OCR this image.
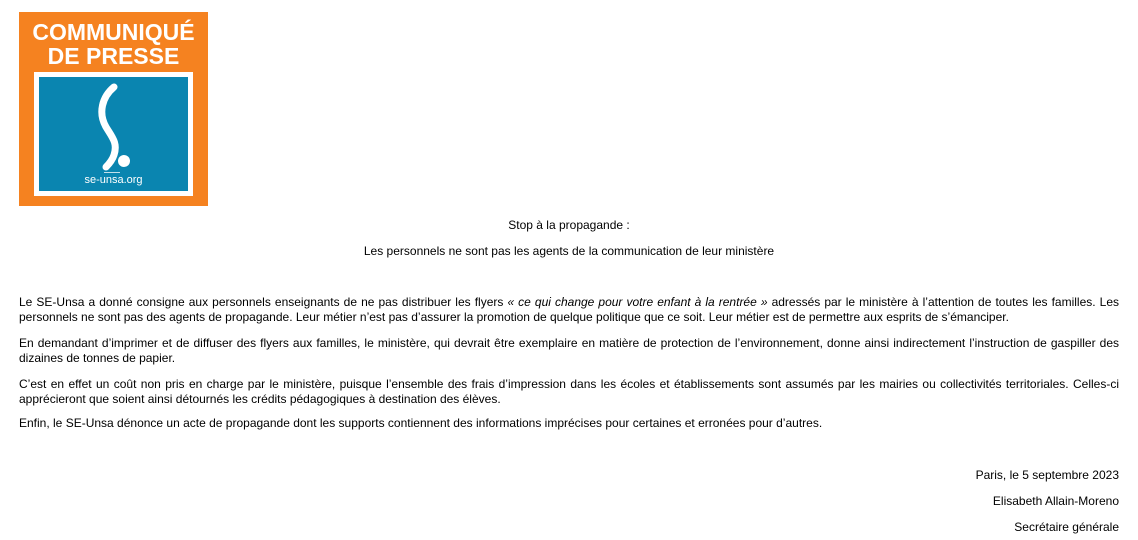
COMMUNIQUÉ
DE PRESSE
se-unsa.org
Stop à la propagande :
Les personnels ne sont pas les agents de la communication de leur ministère
Le SE-Unsa a donné consigne aux personnels enseignants de ne pas distribuer les flyers « ce qui change pour votre enfant à la rentrée » adressés par le ministère à l’attention de toutes les familles. Les personnels ne sont pas des agents de propagande. Leur métier n’est pas d’assurer la promotion de quelque politique que ce soit. Leur métier est de permettre aux esprits de s’émanciper.
En demandant d’imprimer et de diffuser des flyers aux familles, le ministère, qui devrait être exemplaire en matière de protection de l’environnement, donne ainsi indirectement l’instruction de gaspiller des dizaines de tonnes de papier.
C’est en effet un coût non pris en charge par le ministère, puisque l’ensemble des frais d’impression dans les écoles et établissements sont assumés par les mairies ou collectivités territoriales. Celles-ci apprécieront que soient ainsi détournés les crédits pédagogiques à destination des élèves.
Enfin, le SE-Unsa dénonce un acte de propagande dont les supports contiennent des informations imprécises pour certaines et erronées pour d’autres.
Paris, le 5 septembre 2023
Elisabeth Allain-Moreno
Secrétaire générale
